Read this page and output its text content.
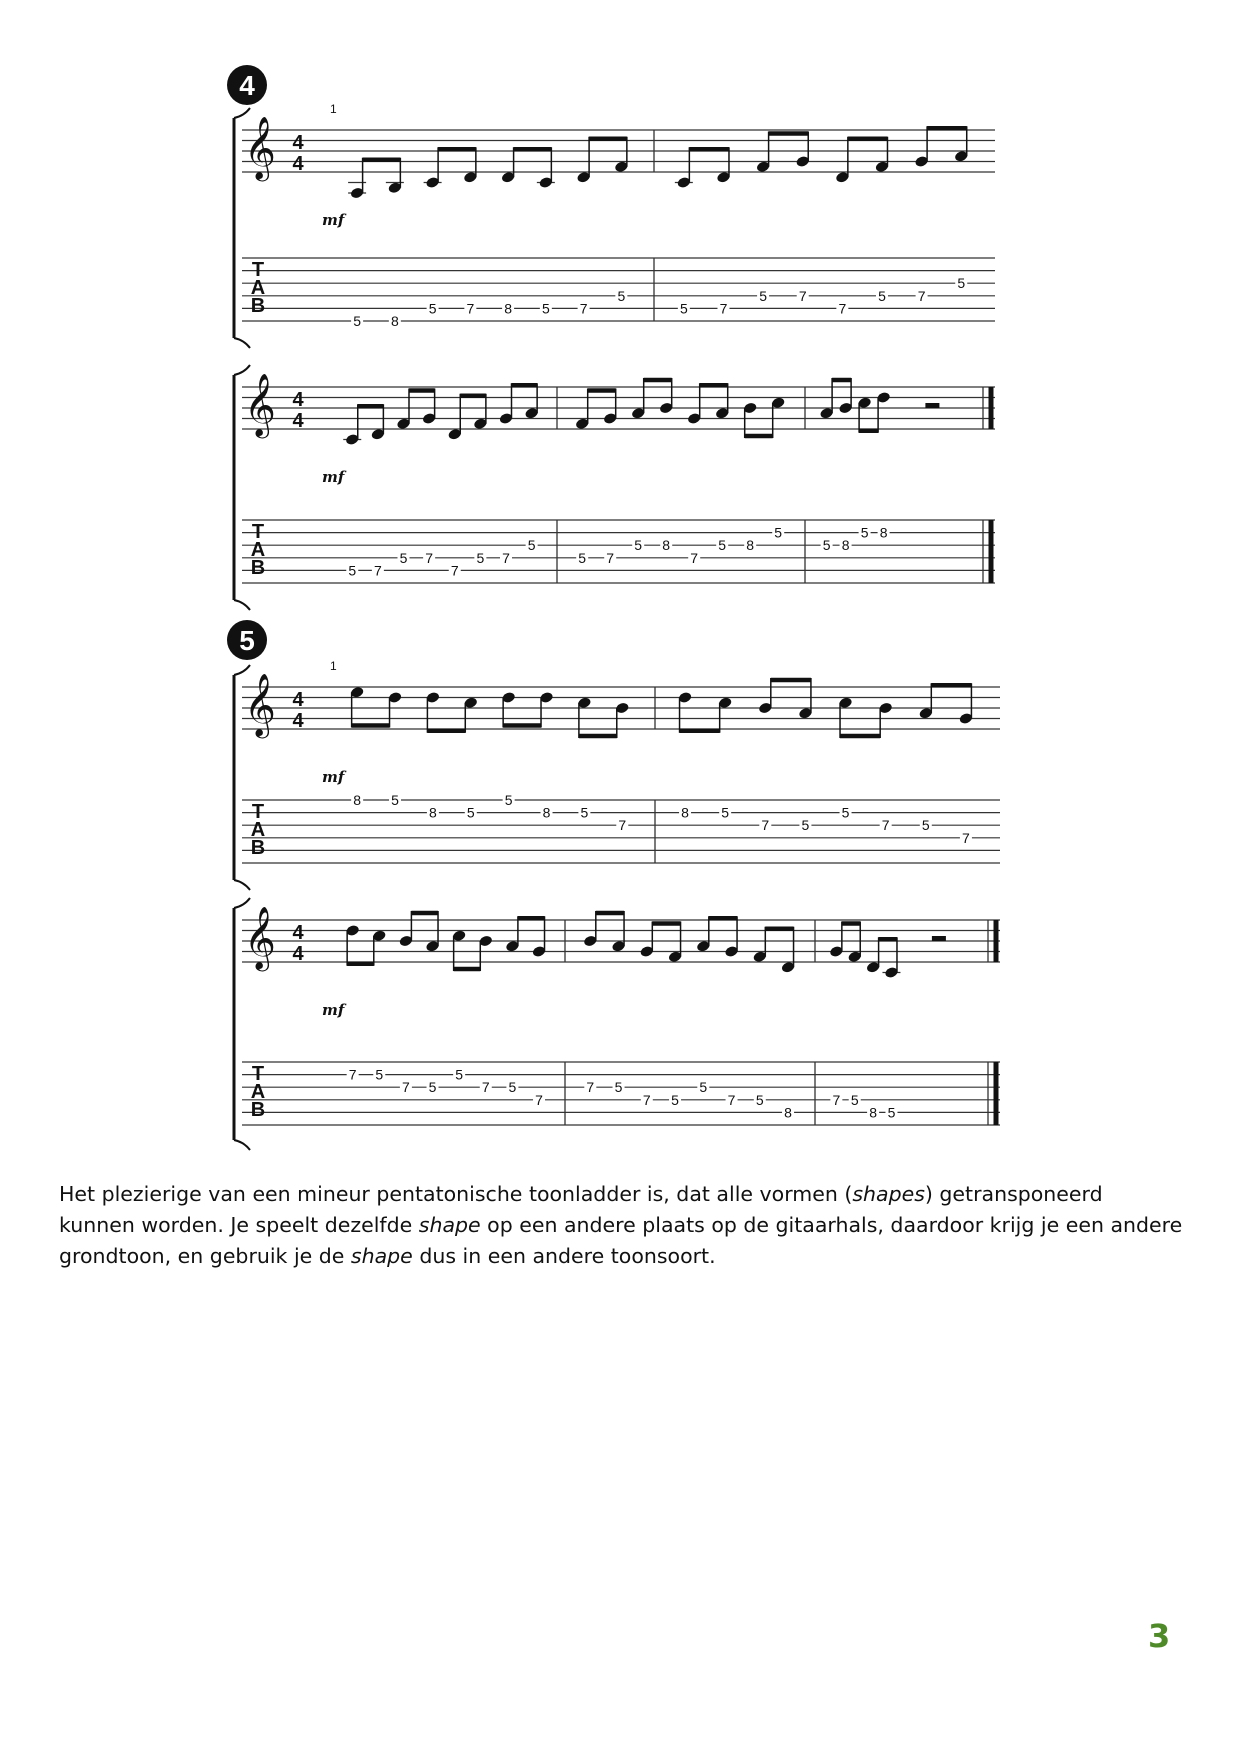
4
𝄞 4
4
T
A
B
1
mf
5 8
5 7 8 5 7
5
5 7
5 7
7
5 7
5
𝄞 4
4
T
A
B
mf
5 7
5 7
7
5 7
5
5 7
5 8
7
5 8
5
5 8
5 8
5
𝄞 4
4
T
A
B
1
mf
8 5
8 5
5
8 5
7
8 5
7 5
5
7 5
7
𝄞 4
4
T
A
B
mf
7 5
7 5
5
7 5
7
7 5
7 5
5
7 5
8
7 5
8 5
Het plezierige van een mineur pentatonische toonladder is, dat alle vormen (shapes) getransponeerd
kunnen worden. Je speelt dezelfde shape op een andere plaats op de gitaarhals, daardoor krijg je een andere
grondtoon, en gebruik je de shape dus in een andere toonsoort.
3
